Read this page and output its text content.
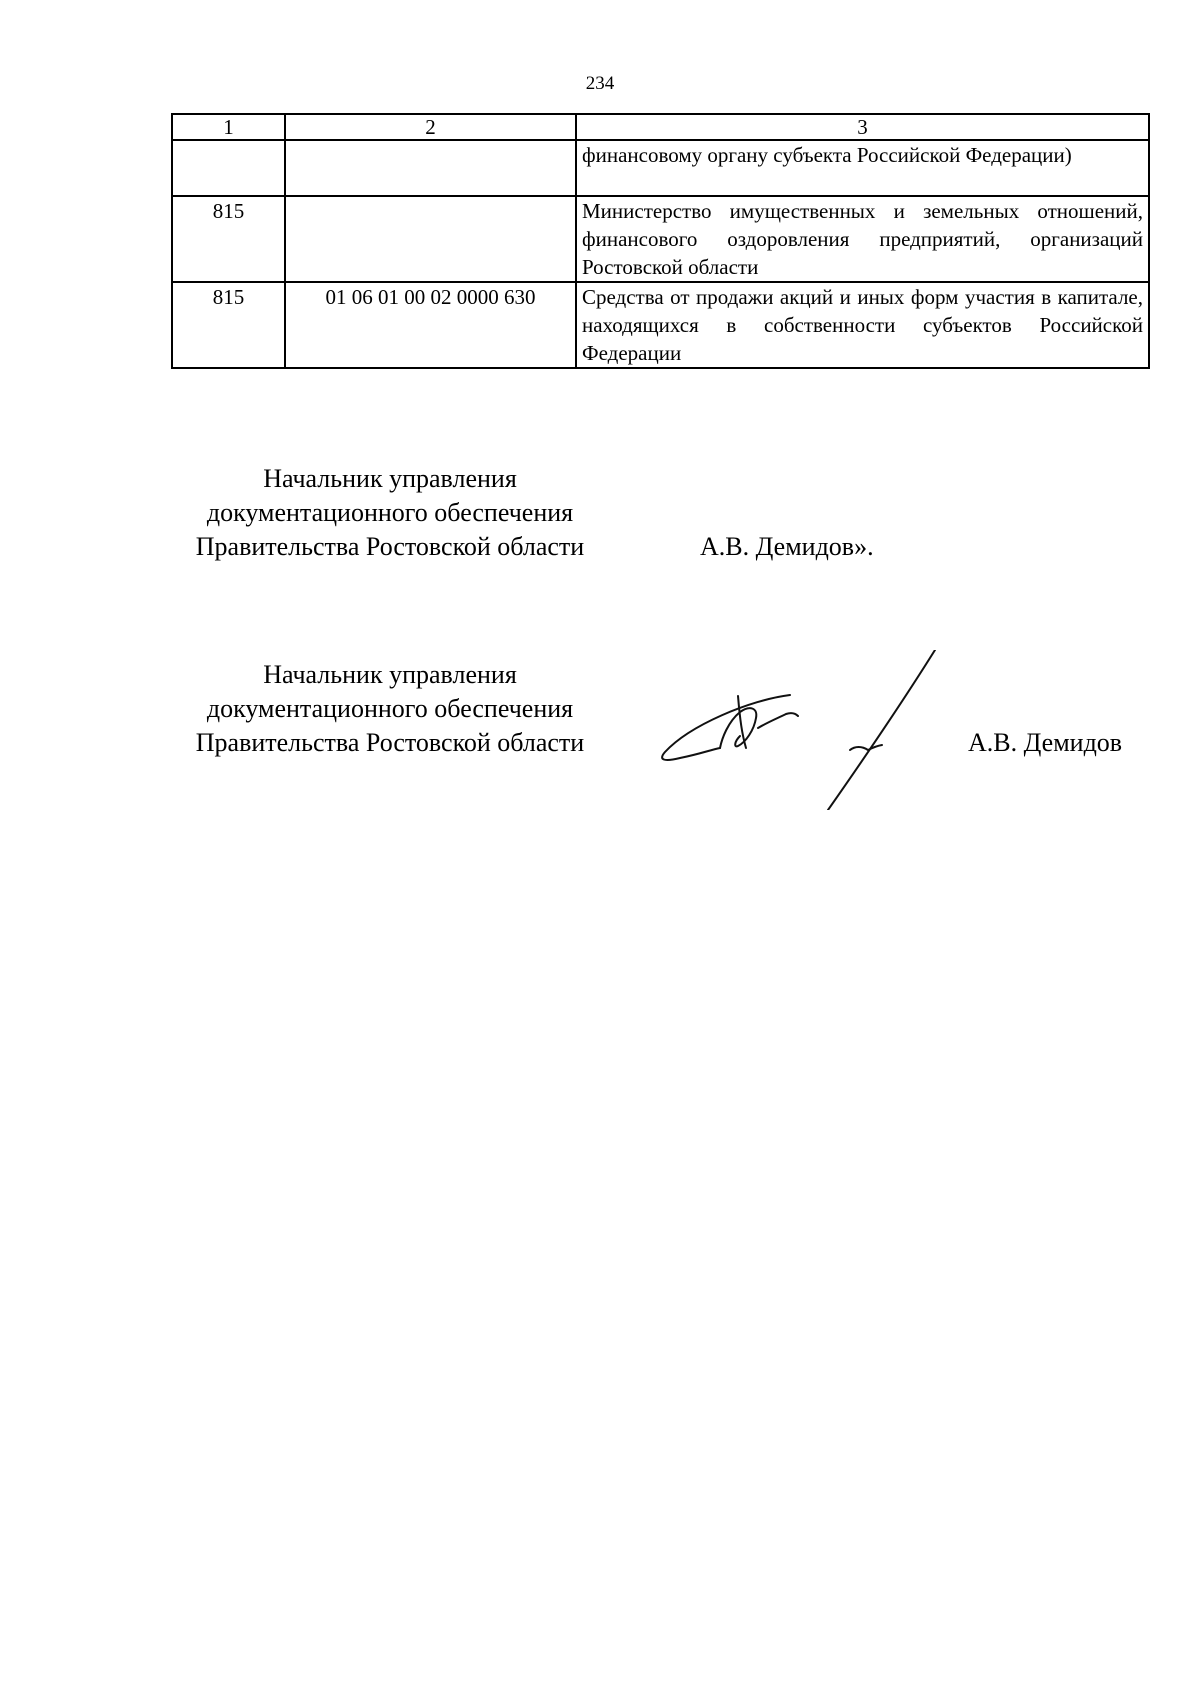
234
1	2	3
		финансовому органу субъекта Российской Федерации)
815		Министерство имущественных и земельных отношений, финансового оздоровления предприятий, организаций Ростовской области
815	01 06 01 00 02 0000 630	Средства от продажи акций и иных форм участия в капитале, находящихся в собственности субъектов Российской Федерации
Начальник управления
документационного обеспечения
Правительства Ростовской области	А.В. Демидов».
Начальник управления
документационного обеспечения
Правительства Ростовской области	А.В. Демидов
